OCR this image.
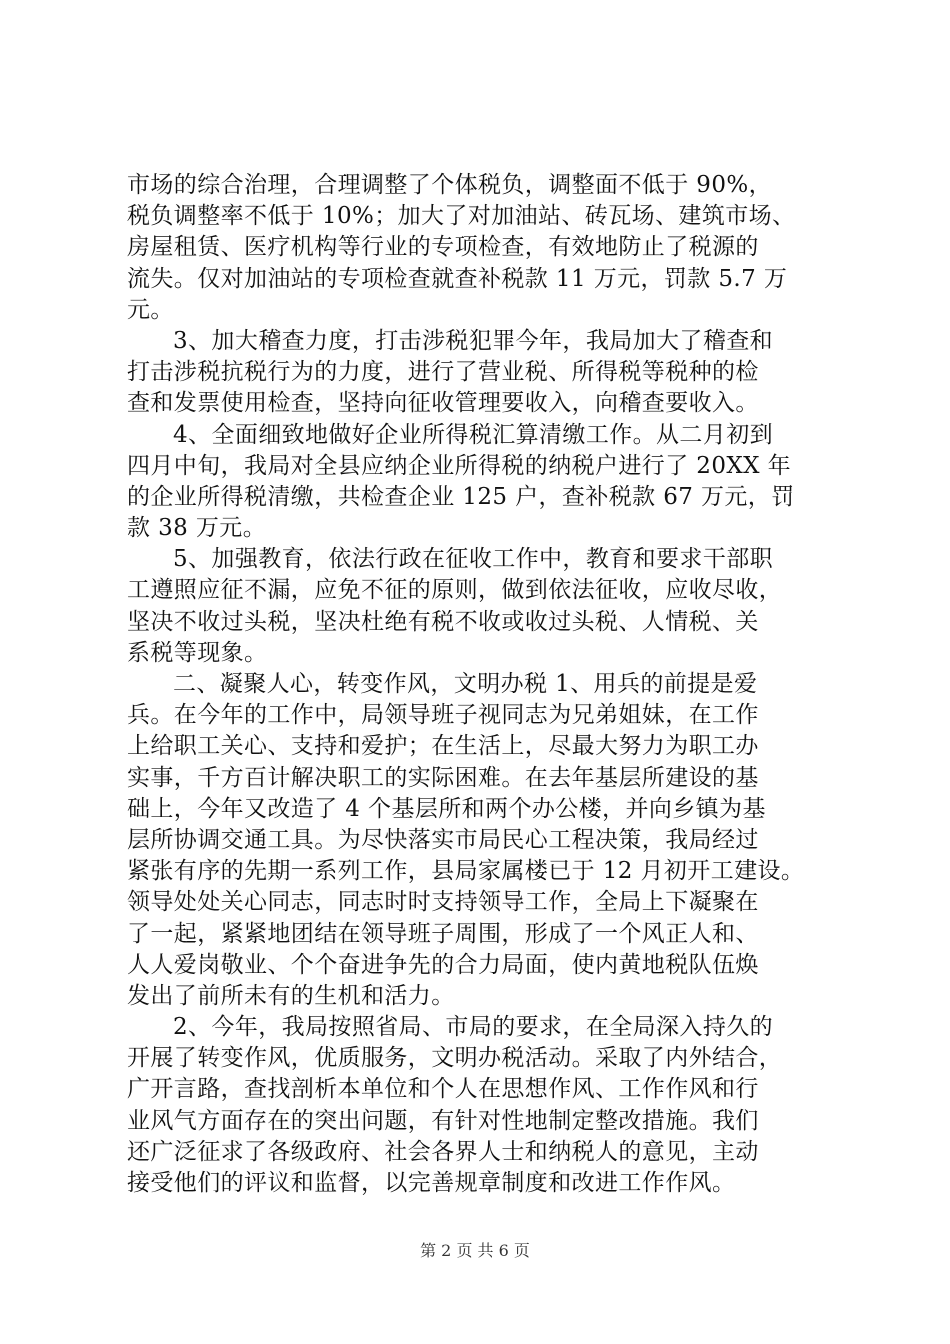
市场的综合治理，合理调整了个体税负，调整面不低于 90%，
税负调整率不低于 10%；加大了对加油站、砖瓦场、建筑市场、
房屋租赁、医疗机构等行业的专项检查，有效地防止了税源的
流失。仅对加油站的专项检查就查补税款 11 万元，罚款 5.7 万
元。
3、加大稽查力度，打击涉税犯罪今年，我局加大了稽查和
打击涉税抗税行为的力度，进行了营业税、所得税等税种的检
查和发票使用检查，坚持向征收管理要收入，向稽查要收入。
4、全面细致地做好企业所得税汇算清缴工作。从二月初到
四月中旬，我局对全县应纳企业所得税的纳税户进行了 20XX 年
的企业所得税清缴，共检查企业 125 户，查补税款 67 万元，罚
款 38 万元。
5、加强教育，依法行政在征收工作中，教育和要求干部职
工遵照应征不漏，应免不征的原则，做到依法征收，应收尽收，
坚决不收过头税，坚决杜绝有税不收或收过头税、人情税、关
系税等现象。
二、凝聚人心，转变作风，文明办税 1、用兵的前提是爱
兵。在今年的工作中，局领导班子视同志为兄弟姐妹，在工作
上给职工关心、支持和爱护；在生活上，尽最大努力为职工办
实事，千方百计解决职工的实际困难。在去年基层所建设的基
础上，今年又改造了 4 个基层所和两个办公楼，并向乡镇为基
层所协调交通工具。为尽快落实市局民心工程决策，我局经过
紧张有序的先期一系列工作，县局家属楼已于 12 月初开工建设。
领导处处关心同志，同志时时支持领导工作，全局上下凝聚在
了一起，紧紧地团结在领导班子周围，形成了一个风正人和、
人人爱岗敬业、个个奋进争先的合力局面，使内黄地税队伍焕
发出了前所未有的生机和活力。
2、今年，我局按照省局、市局的要求，在全局深入持久的
开展了转变作风，优质服务，文明办税活动。采取了内外结合，
广开言路，查找剖析本单位和个人在思想作风、工作作风和行
业风气方面存在的突出问题，有针对性地制定整改措施。我们
还广泛征求了各级政府、社会各界人士和纳税人的意见，主动
接受他们的评议和监督，以完善规章制度和改进工作作风。
第 2 页 共 6 页
